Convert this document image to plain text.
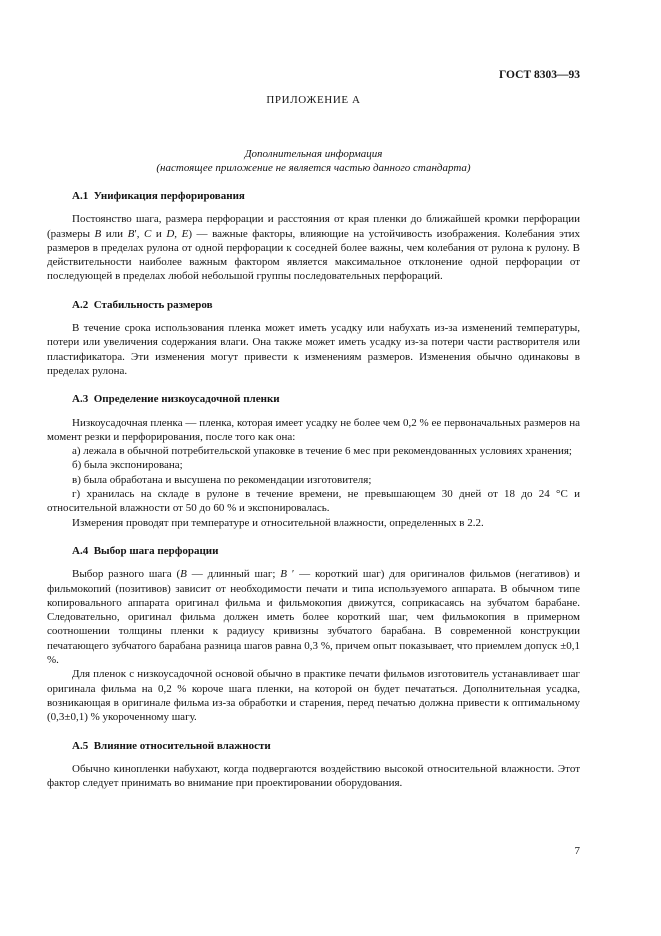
ГОСТ 8303—93
ПРИЛОЖЕНИЕ А
Дополнительная информация
(настоящее приложение не является частью данного стандарта)
А.1 Унификация перфорирования

Постоянство шага, размера перфорации и расстояния от края пленки до ближайшей кромки перфорации (размеры B или B′, C и D, E) — важные факторы, влияющие на устойчивость изображения. Колебания этих размеров в пределах рулона от одной перфорации к соседней более важны, чем колебания от рулона к рулону. В действительности наиболее важным фактором является максимальное отклонение одной перфорации от последующей в пределах любой небольшой группы последовательных перфораций.

А.2 Стабильность размеров

В течение срока использования пленка может иметь усадку или набухать из-за изменений температуры, потери или увеличения содержания влаги. Она также может иметь усадку из-за потери части растворителя или пластификатора. Эти изменения могут привести к изменениям размеров. Изменения обычно одинаковы в пределах рулона.

А.3 Определение низкоусадочной пленки

Низкоусадочная пленка — пленка, которая имеет усадку не более чем 0,2 % ее первоначальных размеров на момент резки и перфорирования, после того как она:

а) лежала в обычной потребительской упаковке в течение 6 мес при рекомендованных условиях хранения;

б) была экспонирована;

в) была обработана и высушена по рекомендации изготовителя;

г) хранилась на складе в рулоне в течение времени, не превышающем 30 дней от 18 до 24 °С и относительной влажности от 50 до 60 % и экспонировалась.

Измерения проводят при температуре и относительной влажности, определенных в 2.2.

А.4 Выбор шага перфорации

Выбор разного шага (B — длинный шаг; B ′ — короткий шаг) для оригиналов фильмов (негативов) и фильмокопий (позитивов) зависит от необходимости печати и типа используемого аппарата. В обычном типе копировального аппарата оригинал фильма и фильмокопия движутся, соприкасаясь на зубчатом барабане. Следовательно, оригинал фильма должен иметь более короткий шаг, чем фильмокопия в примерном соотношении толщины пленки к радиусу кривизны зубчатого барабана. В современной конструкции печатающего зубчатого барабана разница шагов равна 0,3 %, причем опыт показывает, что приемлем допуск ±0,1 %.

Для пленок с низкоусадочной основой обычно в практике печати фильмов изготовитель устанавливает шаг оригинала фильма на 0,2 % короче шага пленки, на которой он будет печататься. Дополнительная усадка, возникающая в оригинале фильма из-за обработки и старения, перед печатью должна привести к оптимальному (0,3±0,1) % укороченному шагу.

А.5 Влияние относительной влажности

Обычно кинопленки набухают, когда подвергаются воздействию высокой относительной влажности. Этот фактор следует принимать во внимание при проектировании оборудования.

7
